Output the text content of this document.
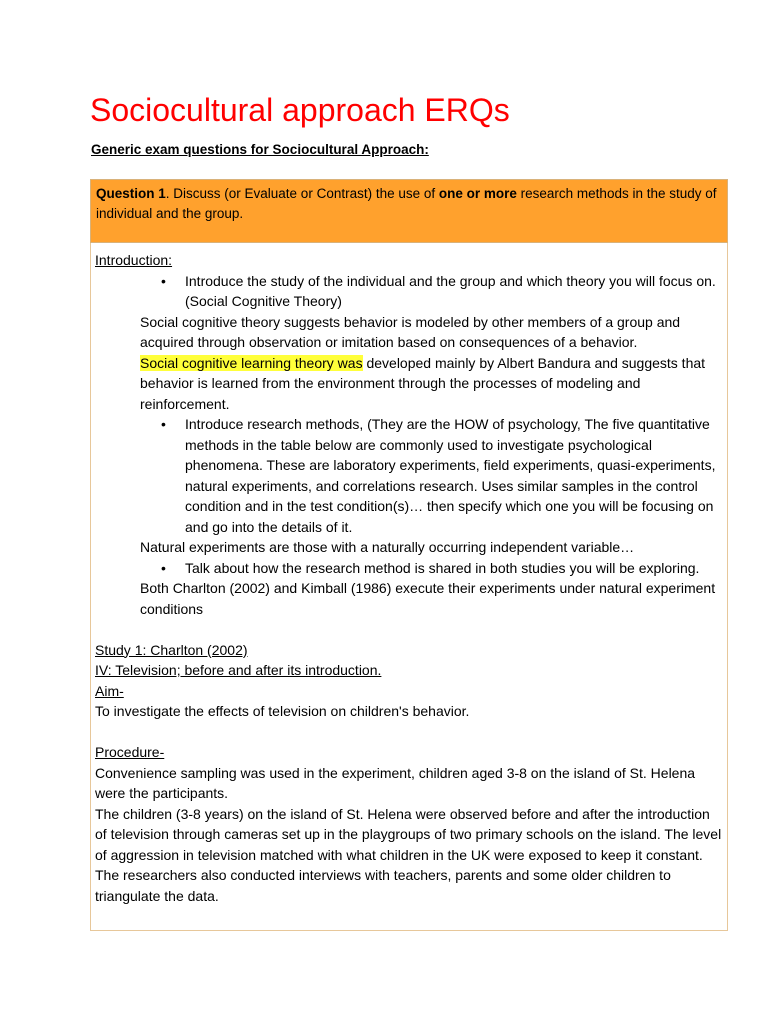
Sociocultural approach ERQs
Generic exam questions for Sociocultural Approach:
Question 1. Discuss (or Evaluate or Contrast) the use of one or more research methods in the study of individual and the group.

Introduction:

•	Introduce the study of the individual and the group and which theory you will focus on. (Social Cognitive Theory)

Social cognitive theory suggests behavior is modeled by other members of a group and acquired through observation or imitation based on consequences of a behavior.

Social cognitive learning theory was developed mainly by Albert Bandura and suggests that behavior is learned from the environment through the processes of modeling and reinforcement.

•	Introduce research methods, (They are the HOW of psychology, The five quantitative methods in the table below are commonly used to investigate psychological phenomena. These are laboratory experiments, field experiments, quasi-experiments, natural experiments, and correlations research. Uses similar samples in the control condition and in the test condition(s)… then specify which one you will be focusing on and go into the details of it.

Natural experiments are those with a naturally occurring independent variable…

•	Talk about how the research method is shared in both studies you will be exploring.

Both Charlton (2002) and Kimball (1986) execute their experiments under natural experiment conditions

Study 1: Charlton (2002)

IV: Television; before and after its introduction.

Aim-

To investigate the effects of television on children's behavior.

Procedure-

Convenience sampling was used in the experiment, children aged 3-8 on the island of St. Helena were the participants.

The children (3-8 years) on the island of St. Helena were observed before and after the introduction of television through cameras set up in the playgroups of two primary schools on the island. The level of aggression in television matched with what children in the UK were exposed to keep it constant. The researchers also conducted interviews with teachers, parents and some older children to triangulate the data.
